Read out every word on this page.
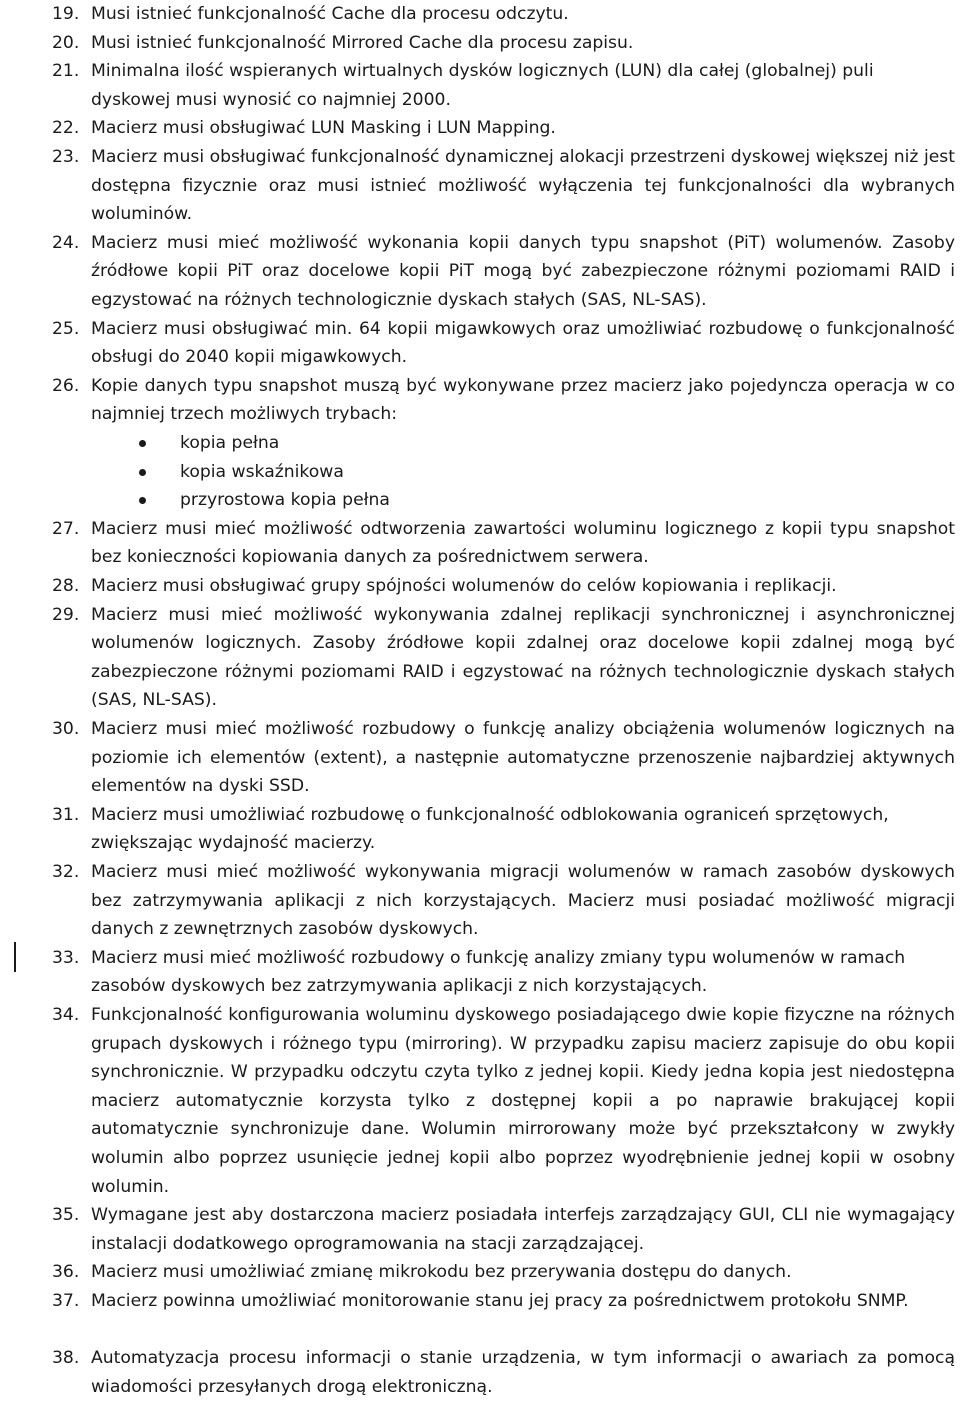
19. Musi istnieć funkcjonalność Cache dla procesu odczytu.
20. Musi istnieć funkcjonalność Mirrored Cache dla procesu zapisu.
21. Minimalna ilość wspieranych wirtualnych dysków logicznych (LUN) dla całej (globalnej) puli dyskowej musi wynosić co najmniej 2000.
22. Macierz musi obsługiwać LUN Masking i LUN Mapping.
23. Macierz musi obsługiwać funkcjonalność dynamicznej alokacji przestrzeni dyskowej większej niż jest dostępna fizycznie oraz musi istnieć możliwość wyłączenia tej funkcjonalności dla wybranych woluminów.
24. Macierz musi mieć możliwość wykonania kopii danych typu snapshot (PiT) wolumenów. Zasoby źródłowe kopii PiT oraz docelowe kopii PiT mogą być zabezpieczone różnymi poziomami RAID i egzystować na różnych technologicznie dyskach stałych (SAS, NL-SAS).
25. Macierz musi obsługiwać min. 64 kopii migawkowych oraz umożliwiać rozbudowę o funkcjonalność obsługi do 2040 kopii migawkowych.
26. Kopie danych typu snapshot muszą być wykonywane przez macierz jako pojedyncza operacja w co najmniej trzech możliwych trybach:
kopia pełna
kopia wskaźnikowa
przyrostowa kopia pełna
27. Macierz musi mieć możliwość odtworzenia zawartości woluminu logicznego z kopii typu snapshot bez konieczności kopiowania danych za pośrednictwem serwera.
28. Macierz musi obsługiwać grupy spójności wolumenów do celów kopiowania i replikacji.
29. Macierz musi mieć możliwość wykonywania zdalnej replikacji synchronicznej i asynchronicznej wolumenów logicznych. Zasoby źródłowe kopii zdalnej oraz docelowe kopii zdalnej mogą być zabezpieczone różnymi poziomami RAID i egzystować na różnych technologicznie dyskach stałych (SAS, NL-SAS).
30. Macierz musi mieć możliwość rozbudowy o funkcję analizy obciążenia wolumenów logicznych na poziomie ich elementów (extent), a następnie automatyczne przenoszenie najbardziej aktywnych elementów na dyski SSD.
31. Macierz musi umożliwiać rozbudowę o funkcjonalność odblokowania ograniceń sprzętowych, zwiększając wydajność macierzy.
32. Macierz musi mieć możliwość wykonywania migracji wolumenów w ramach zasobów dyskowych bez zatrzymywania aplikacji z nich korzystających. Macierz musi posiadać możliwość migracji danych z zewnętrznych zasobów dyskowych.
33. Macierz musi mieć możliwość rozbudowy o funkcję analizy zmiany typu wolumenów w ramach zasobów dyskowych bez zatrzymywania aplikacji z nich korzystających.
34. Funkcjonalność konfigurowania woluminu dyskowego posiadającego dwie kopie fizyczne na różnych grupach dyskowych i różnego typu (mirroring). W przypadku zapisu macierz zapisuje do obu kopii synchronicznie. W przypadku odczytu czyta tylko z jednej kopii. Kiedy jedna kopia jest niedostępna macierz automatycznie korzysta tylko z dostępnej kopii a po naprawie brakującej kopii automatycznie synchronizuje dane. Wolumin mirrorowany może być przekształcony w zwykły wolumin albo poprzez usunięcie jednej kopii albo poprzez wyodrębnienie jednej kopii w osobny wolumin.
35. Wymagane jest aby dostarczona macierz posiadała interfejs zarządzający GUI, CLI nie wymagający instalacji dodatkowego oprogramowania na stacji zarządzającej.
36. Macierz musi umożliwiać zmianę mikrokodu bez przerywania dostępu do danych.
37. Macierz powinna umożliwiać monitorowanie stanu jej pracy za pośrednictwem protokołu SNMP.
38. Automatyzacja procesu informacji o stanie urządzenia, w tym informacji o awariach za pomocą wiadomości przesyłanych drogą elektroniczną.
